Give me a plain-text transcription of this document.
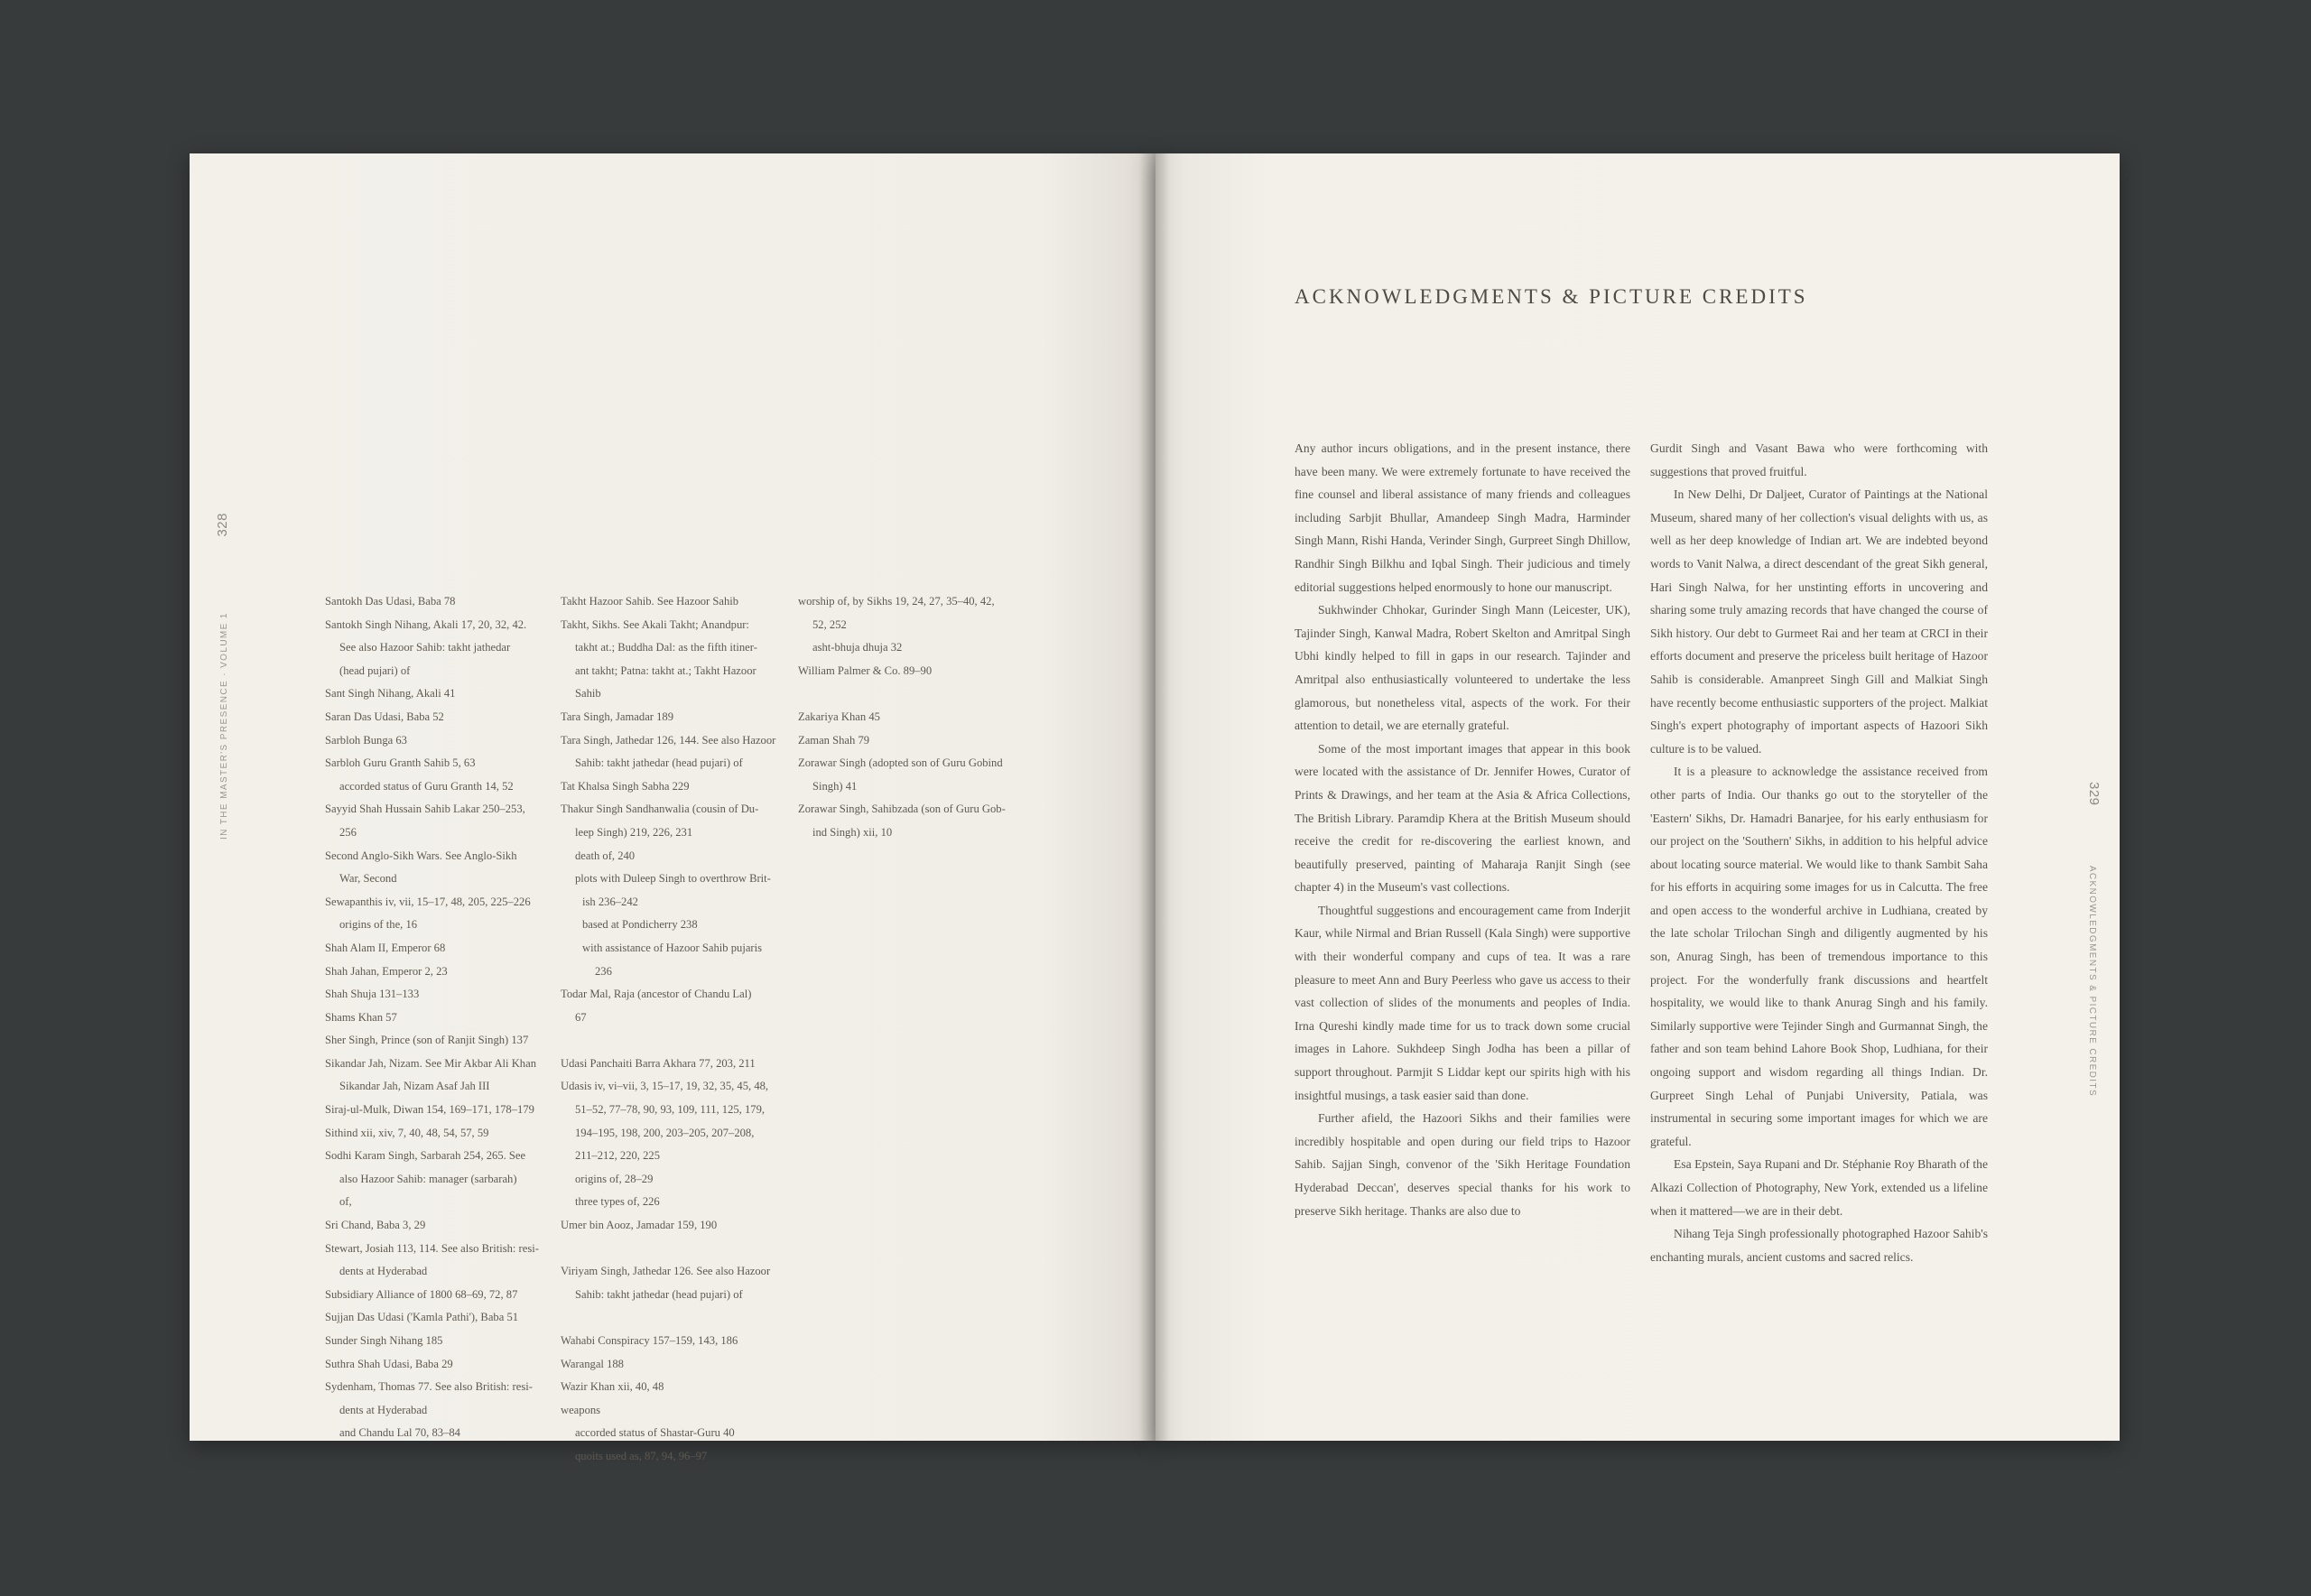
IN THE MASTER'S PRESENCE · VOLUME 1                    328
Santokh Das Udasi, Baba 78
Santokh Singh Nihang, Akali 17, 20, 32, 42.
See also Hazoor Sahib: takht jathedar
(head pujari) of
Sant Singh Nihang, Akali 41
Saran Das Udasi, Baba 52
Sarbloh Bunga 63
Sarbloh Guru Granth Sahib 5, 63
accorded status of Guru Granth 14, 52
Sayyid Shah Hussain Sahib Lakar 250–253,
256
Second Anglo-Sikh Wars. See Anglo-Sikh
War, Second
Sewapanthis iv, vii, 15–17, 48, 205, 225–226
origins of the, 16
Shah Alam II, Emperor 68
Shah Jahan, Emperor 2, 23
Shah Shuja 131–133
Shams Khan 57
Sher Singh, Prince (son of Ranjit Singh) 137
Sikandar Jah, Nizam. See Mir Akbar Ali Khan
Sikandar Jah, Nizam Asaf Jah III
Siraj-ul-Mulk, Diwan 154, 169–171, 178–179
Sithind xii, xiv, 7, 40, 48, 54, 57, 59
Sodhi Karam Singh, Sarbarah 254, 265. See
also Hazoor Sahib: manager (sarbarah)
of,
Sri Chand, Baba 3, 29
Stewart, Josiah 113, 114. See also British: resi-
dents at Hyderabad
Subsidiary Alliance of 1800 68–69, 72, 87
Sujjan Das Udasi ('Kamla Pathi'), Baba 51
Sunder Singh Nihang 185
Suthra Shah Udasi, Baba 29
Sydenham, Thomas 77. See also British: resi-
dents at Hyderabad
and Chandu Lal 70, 83–84
Takht Hazoor Sahib. See Hazoor Sahib
Takht, Sikhs. See Akali Takht; Anandpur:
takht at.; Buddha Dal: as the fifth itiner-
ant takht; Patna: takht at.; Takht Hazoor
Sahib
Tara Singh, Jamadar 189
Tara Singh, Jathedar 126, 144. See also Hazoor
Sahib: takht jathedar (head pujari) of
Tat Khalsa Singh Sabha 229
Thakur Singh Sandhanwalia (cousin of Du-
leep Singh) 219, 226, 231
death of, 240
plots with Duleep Singh to overthrow Brit-
ish 236–242
based at Pondicherry 238
with assistance of Hazoor Sahib pujaris
236
Todar Mal, Raja (ancestor of Chandu Lal)
67
Udasi Panchaiti Barra Akhara 77, 203, 211
Udasis iv, vi–vii, 3, 15–17, 19, 32, 35, 45, 48,
51–52, 77–78, 90, 93, 109, 111, 125, 179,
194–195, 198, 200, 203–205, 207–208,
211–212, 220, 225
origins of, 28–29
three types of, 226
Umer bin Aooz, Jamadar 159, 190
Viriyam Singh, Jathedar 126. See also Hazoor
Sahib: takht jathedar (head pujari) of
Wahabi Conspiracy 157–159, 143, 186
Warangal 188
Wazir Khan xii, 40, 48
weapons
accorded status of Shastar-Guru 40
quoits used as, 87, 94, 96–97
worship of, by Sikhs 19, 24, 27, 35–40, 42,
52, 252
asht-bhuja dhuja 32
William Palmer & Co. 89–90
Zakariya Khan 45
Zaman Shah 79
Zorawar Singh (adopted son of Guru Gobind
Singh) 41
Zorawar Singh, Sahibzada (son of Guru Gob-
ind Singh) xii, 10
ACKNOWLEDGMENTS & PICTURE CREDITS

Any author incurs obligations, and in the present instance, there have been many. We were extremely fortunate to have received the fine counsel and liberal assistance of many friends and colleagues including Sarbjit Bhullar, Amandeep Singh Madra, Harminder Singh Mann, Rishi Handa, Verinder Singh, Gurpreet Singh Dhillow, Randhir Singh Bilkhu and Iqbal Singh. Their judicious and timely editorial suggestions helped enormously to hone our manuscript.

Sukhwinder Chhokar, Gurinder Singh Mann (Leicester, UK), Tajinder Singh, Kanwal Madra, Robert Skelton and Amritpal Singh Ubhi kindly helped to fill in gaps in our research. Tajinder and Amritpal also enthusiastically volunteered to undertake the less glamorous, but nonetheless vital, aspects of the work. For their attention to detail, we are eternally grateful.

Some of the most important images that appear in this book were located with the assistance of Dr. Jennifer Howes, Curator of Prints & Drawings, and her team at the Asia & Africa Collections, The British Library. Paramdip Khera at the British Museum should receive the credit for re-discovering the earliest known, and beautifully preserved, painting of Maharaja Ranjit Singh (see chapter 4) in the Museum's vast collections.

Thoughtful suggestions and encouragement came from Inderjit Kaur, while Nirmal and Brian Russell (Kala Singh) were supportive with their wonderful company and cups of tea. It was a rare pleasure to meet Ann and Bury Peerless who gave us access to their vast collection of slides of the monuments and peoples of India. Irna Qureshi kindly made time for us to track down some crucial images in Lahore. Sukhdeep Singh Jodha has been a pillar of support throughout. Parmjit S Liddar kept our spirits high with his insightful musings, a task easier said than done.

Further afield, the Hazoori Sikhs and their families were incredibly hospitable and open during our field trips to Hazoor Sahib. Sajjan Singh, convenor of the 'Sikh Heritage Foundation Hyderabad Deccan', deserves special thanks for his work to preserve Sikh heritage. Thanks are also due to

Gurdit Singh and Vasant Bawa who were forthcoming with suggestions that proved fruitful.

In New Delhi, Dr Daljeet, Curator of Paintings at the National Museum, shared many of her collection's visual delights with us, as well as her deep knowledge of Indian art. We are indebted beyond words to Vanit Nalwa, a direct descendant of the great Sikh general, Hari Singh Nalwa, for her unstinting efforts in uncovering and sharing some truly amazing records that have changed the course of Sikh history. Our debt to Gurmeet Rai and her team at CRCI in their efforts document and preserve the priceless built heritage of Hazoor Sahib is considerable. Amanpreet Singh Gill and Malkiat Singh have recently become enthusiastic supporters of the project. Malkiat Singh's expert photography of important aspects of Hazoori Sikh culture is to be valued.

It is a pleasure to acknowledge the assistance received from other parts of India. Our thanks go out to the storyteller of the 'Eastern' Sikhs, Dr. Hamadri Banarjee, for his early enthusiasm for our project on the 'Southern' Sikhs, in addition to his helpful advice about locating source material. We would like to thank Sambit Saha for his efforts in acquiring some images for us in Calcutta. The free and open access to the wonderful archive in Ludhiana, created by the late scholar Trilochan Singh and diligently augmented by his son, Anurag Singh, has been of tremendous importance to this project. For the wonderfully frank discussions and heartfelt hospitality, we would like to thank Anurag Singh and his family. Similarly supportive were Tejinder Singh and Gurmannat Singh, the father and son team behind Lahore Book Shop, Ludhiana, for their ongoing support and wisdom regarding all things Indian. Dr. Gurpreet Singh Lehal of Punjabi University, Patiala, was instrumental in securing some important images for which we are grateful.

Esa Epstein, Saya Rupani and Dr. Stéphanie Roy Bharath of the Alkazi Collection of Photography, New York, extended us a lifeline when it mattered—we are in their debt.

Nihang Teja Singh professionally photographed Hazoor Sahib's enchanting murals, ancient customs and sacred relics.

329                ACKNOWLEDGMENTS & PICTURE CREDITS
